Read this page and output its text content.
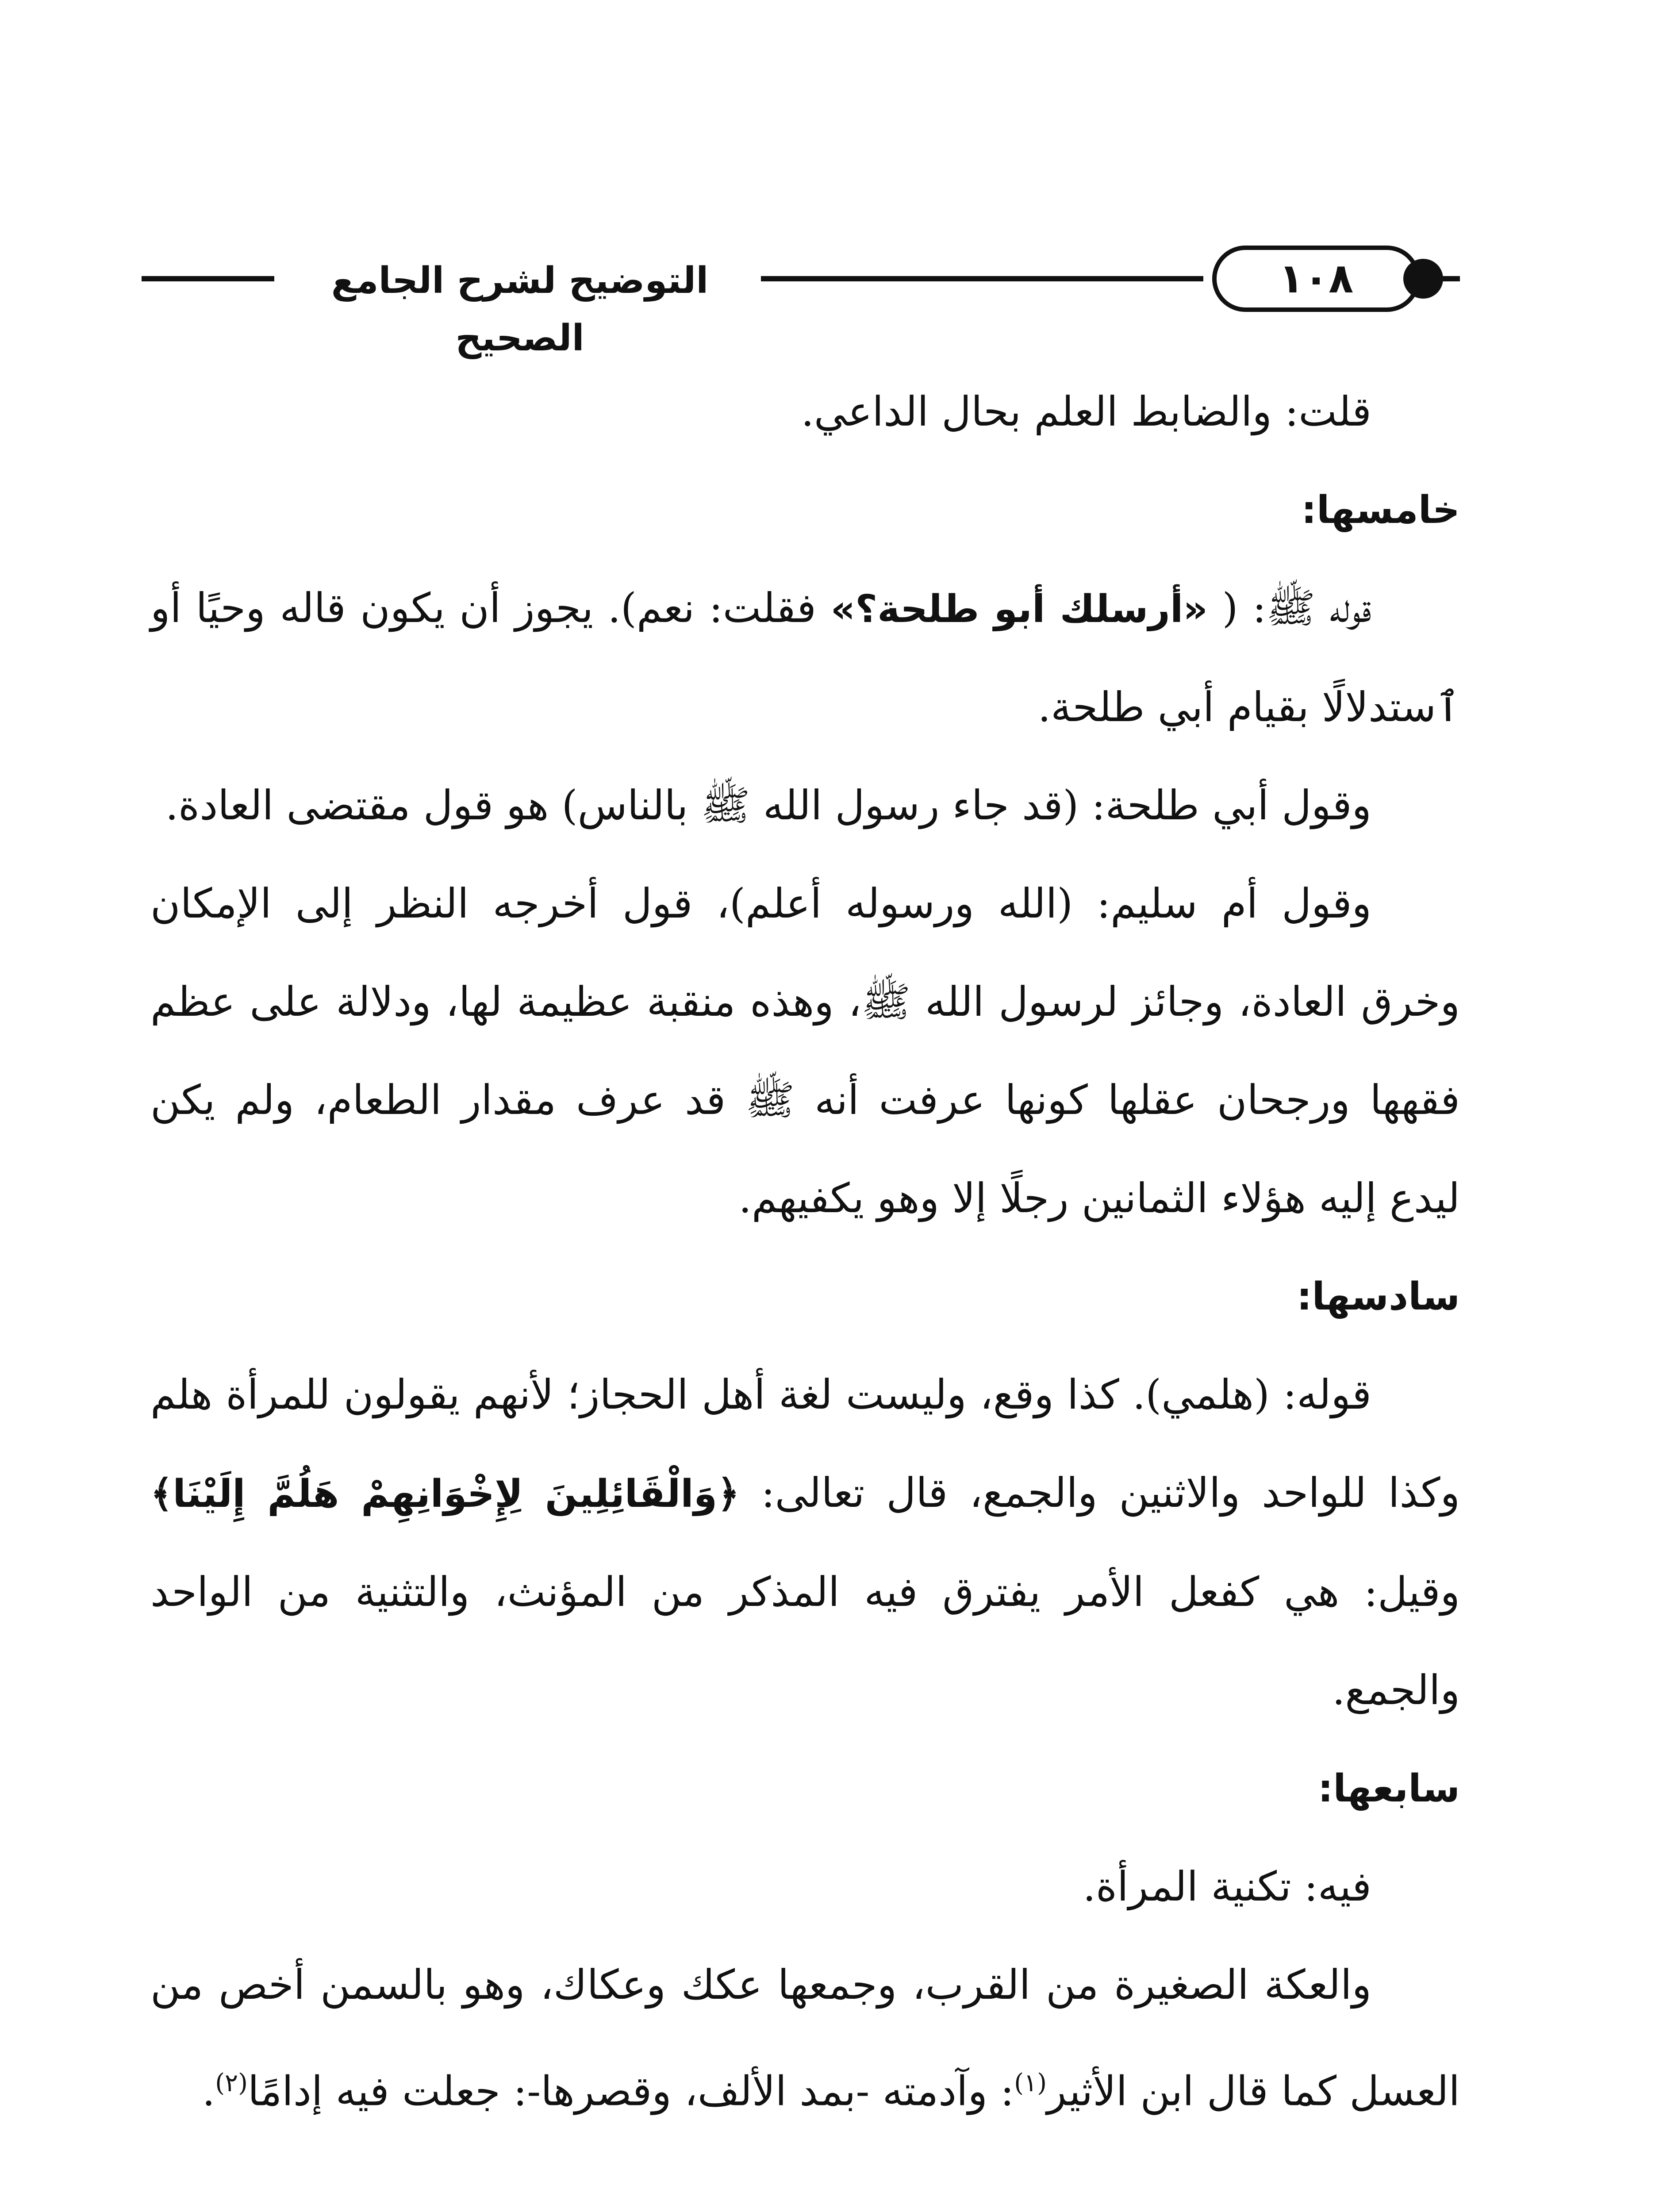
التوضيح لشرح الجامع الصحيح
١٠٨

قلت: والضابط العلم بحال الداعي.

خامسها:

قوله ﷺ: ( «أرسلك أبو طلحة؟» فقلت: نعم). يجوز أن يكون قاله وحيًا أو ٱستدلالًا بقيام أبي طلحة.

وقول أبي طلحة: (قد جاء رسول الله ﷺ بالناس) هو قول مقتضى العادة.

وقول أم سليم: (الله ورسوله أعلم)، قول أخرجه النظر إلى الإمكان وخرق العادة، وجائز لرسول الله ﷺ، وهذه منقبة عظيمة لها، ودلالة على عظم فقهها ورجحان عقلها كونها عرفت أنه ﷺ قد عرف مقدار الطعام، ولم يكن ليدع إليه هؤلاء الثمانين رجلًا إلا وهو يكفيهم.

سادسها:

قوله: (هلمي). كذا وقع، وليست لغة أهل الحجاز؛ لأنهم يقولون للمرأة هلم وكذا للواحد والاثنين والجمع، قال تعالى: ﴿وَالْقَائِلِينَ لِإِخْوَانِهِمْ هَلُمَّ إِلَيْنَا﴾ وقيل: هي كفعل الأمر يفترق فيه المذكر من المؤنث، والتثنية من الواحد والجمع.

سابعها:

فيه: تكنية المرأة.

والعكة الصغيرة من القرب، وجمعها عكك وعكاك، وهو بالسمن أخص من العسل كما قال ابن الأثير$^{(١)}$: وآدمته -بمد الألف، وقصرها-: جعلت فيه إدامًا$^{(٢)}$.
